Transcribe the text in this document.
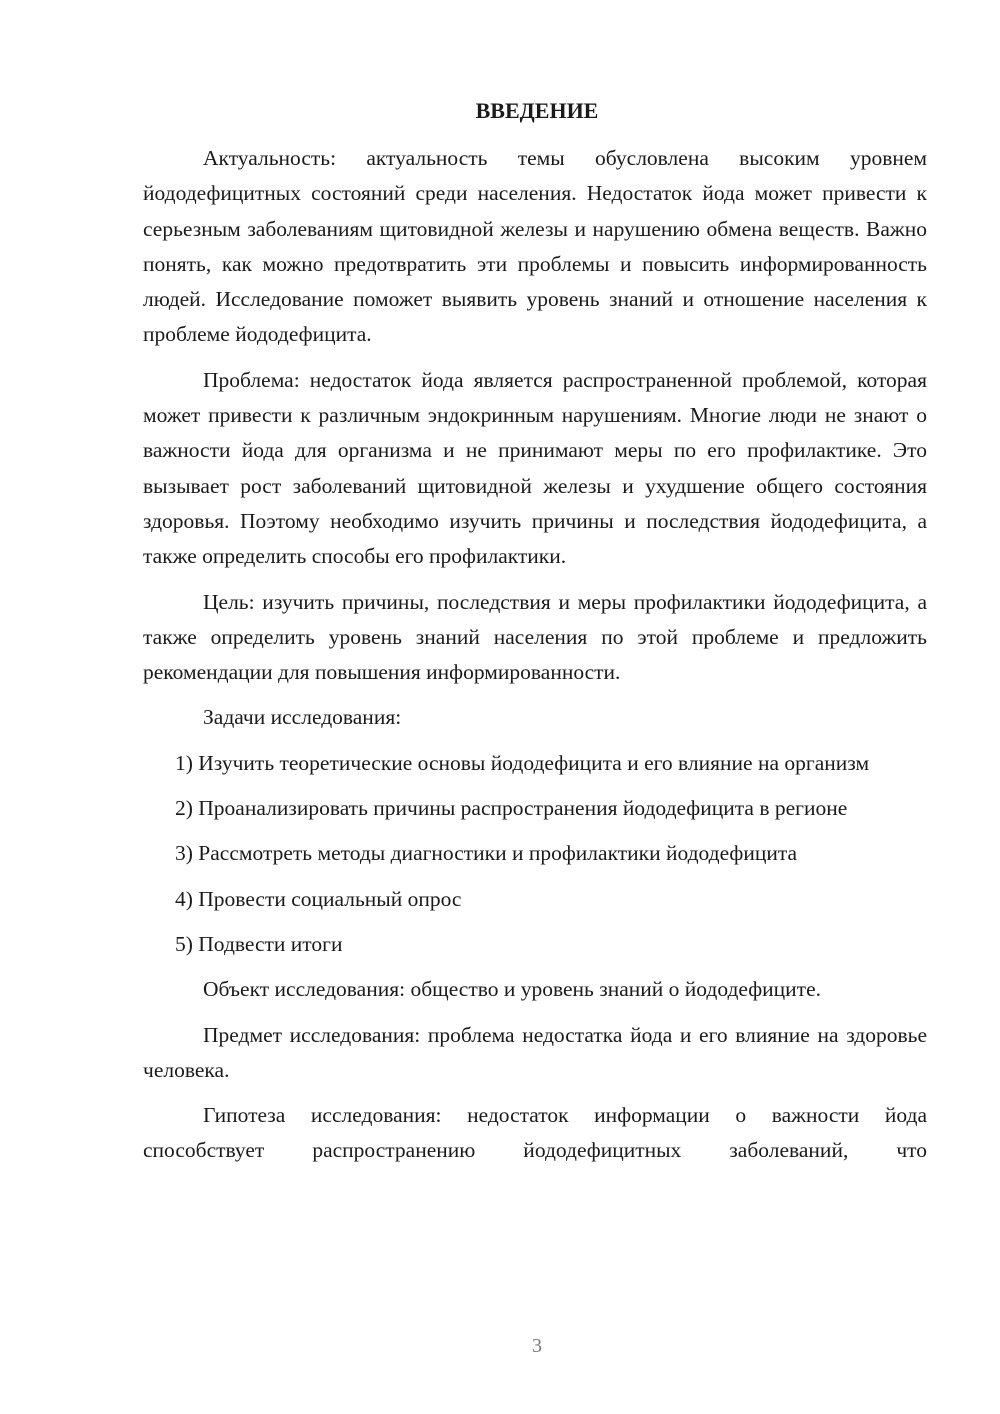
ВВЕДЕНИЕ

Актуальность: актуальность темы обусловлена высоким уровнем йододефицитных состояний среди населения. Недостаток йода может привести к серьезным заболеваниям щитовидной железы и нарушению обмена веществ. Важно понять, как можно предотвратить эти проблемы и повысить информированность людей. Исследование поможет выявить уровень знаний и отношение населения к проблеме йододефицита.

Проблема: недостаток йода является распространенной проблемой, которая может привести к различным эндокринным нарушениям. Многие люди не знают о важности йода для организма и не принимают меры по его профилактике. Это вызывает рост заболеваний щитовидной железы и ухудшение общего состояния здоровья. Поэтому необходимо изучить причины и последствия йододефицита, а также определить способы его профилактики.

Цель: изучить причины, последствия и меры профилактики йододефицита, а также определить уровень знаний населения по этой проблеме и предложить рекомендации для повышения информированности.

Задачи исследования:

1) Изучить теоретические основы йододефицита и его влияние на организм

2) Проанализировать причины распространения йододефицита в регионе

3) Рассмотреть методы диагностики и профилактики йододефицита

4) Провести социальный опрос

5) Подвести итоги

Объект исследования: общество и уровень знаний о йододефиците.

Предмет исследования: проблема недостатка йода и его влияние на здоровье человека.

Гипотеза исследования: недостаток информации о важности йода способствует распространению йододефицитных заболеваний, что

3
